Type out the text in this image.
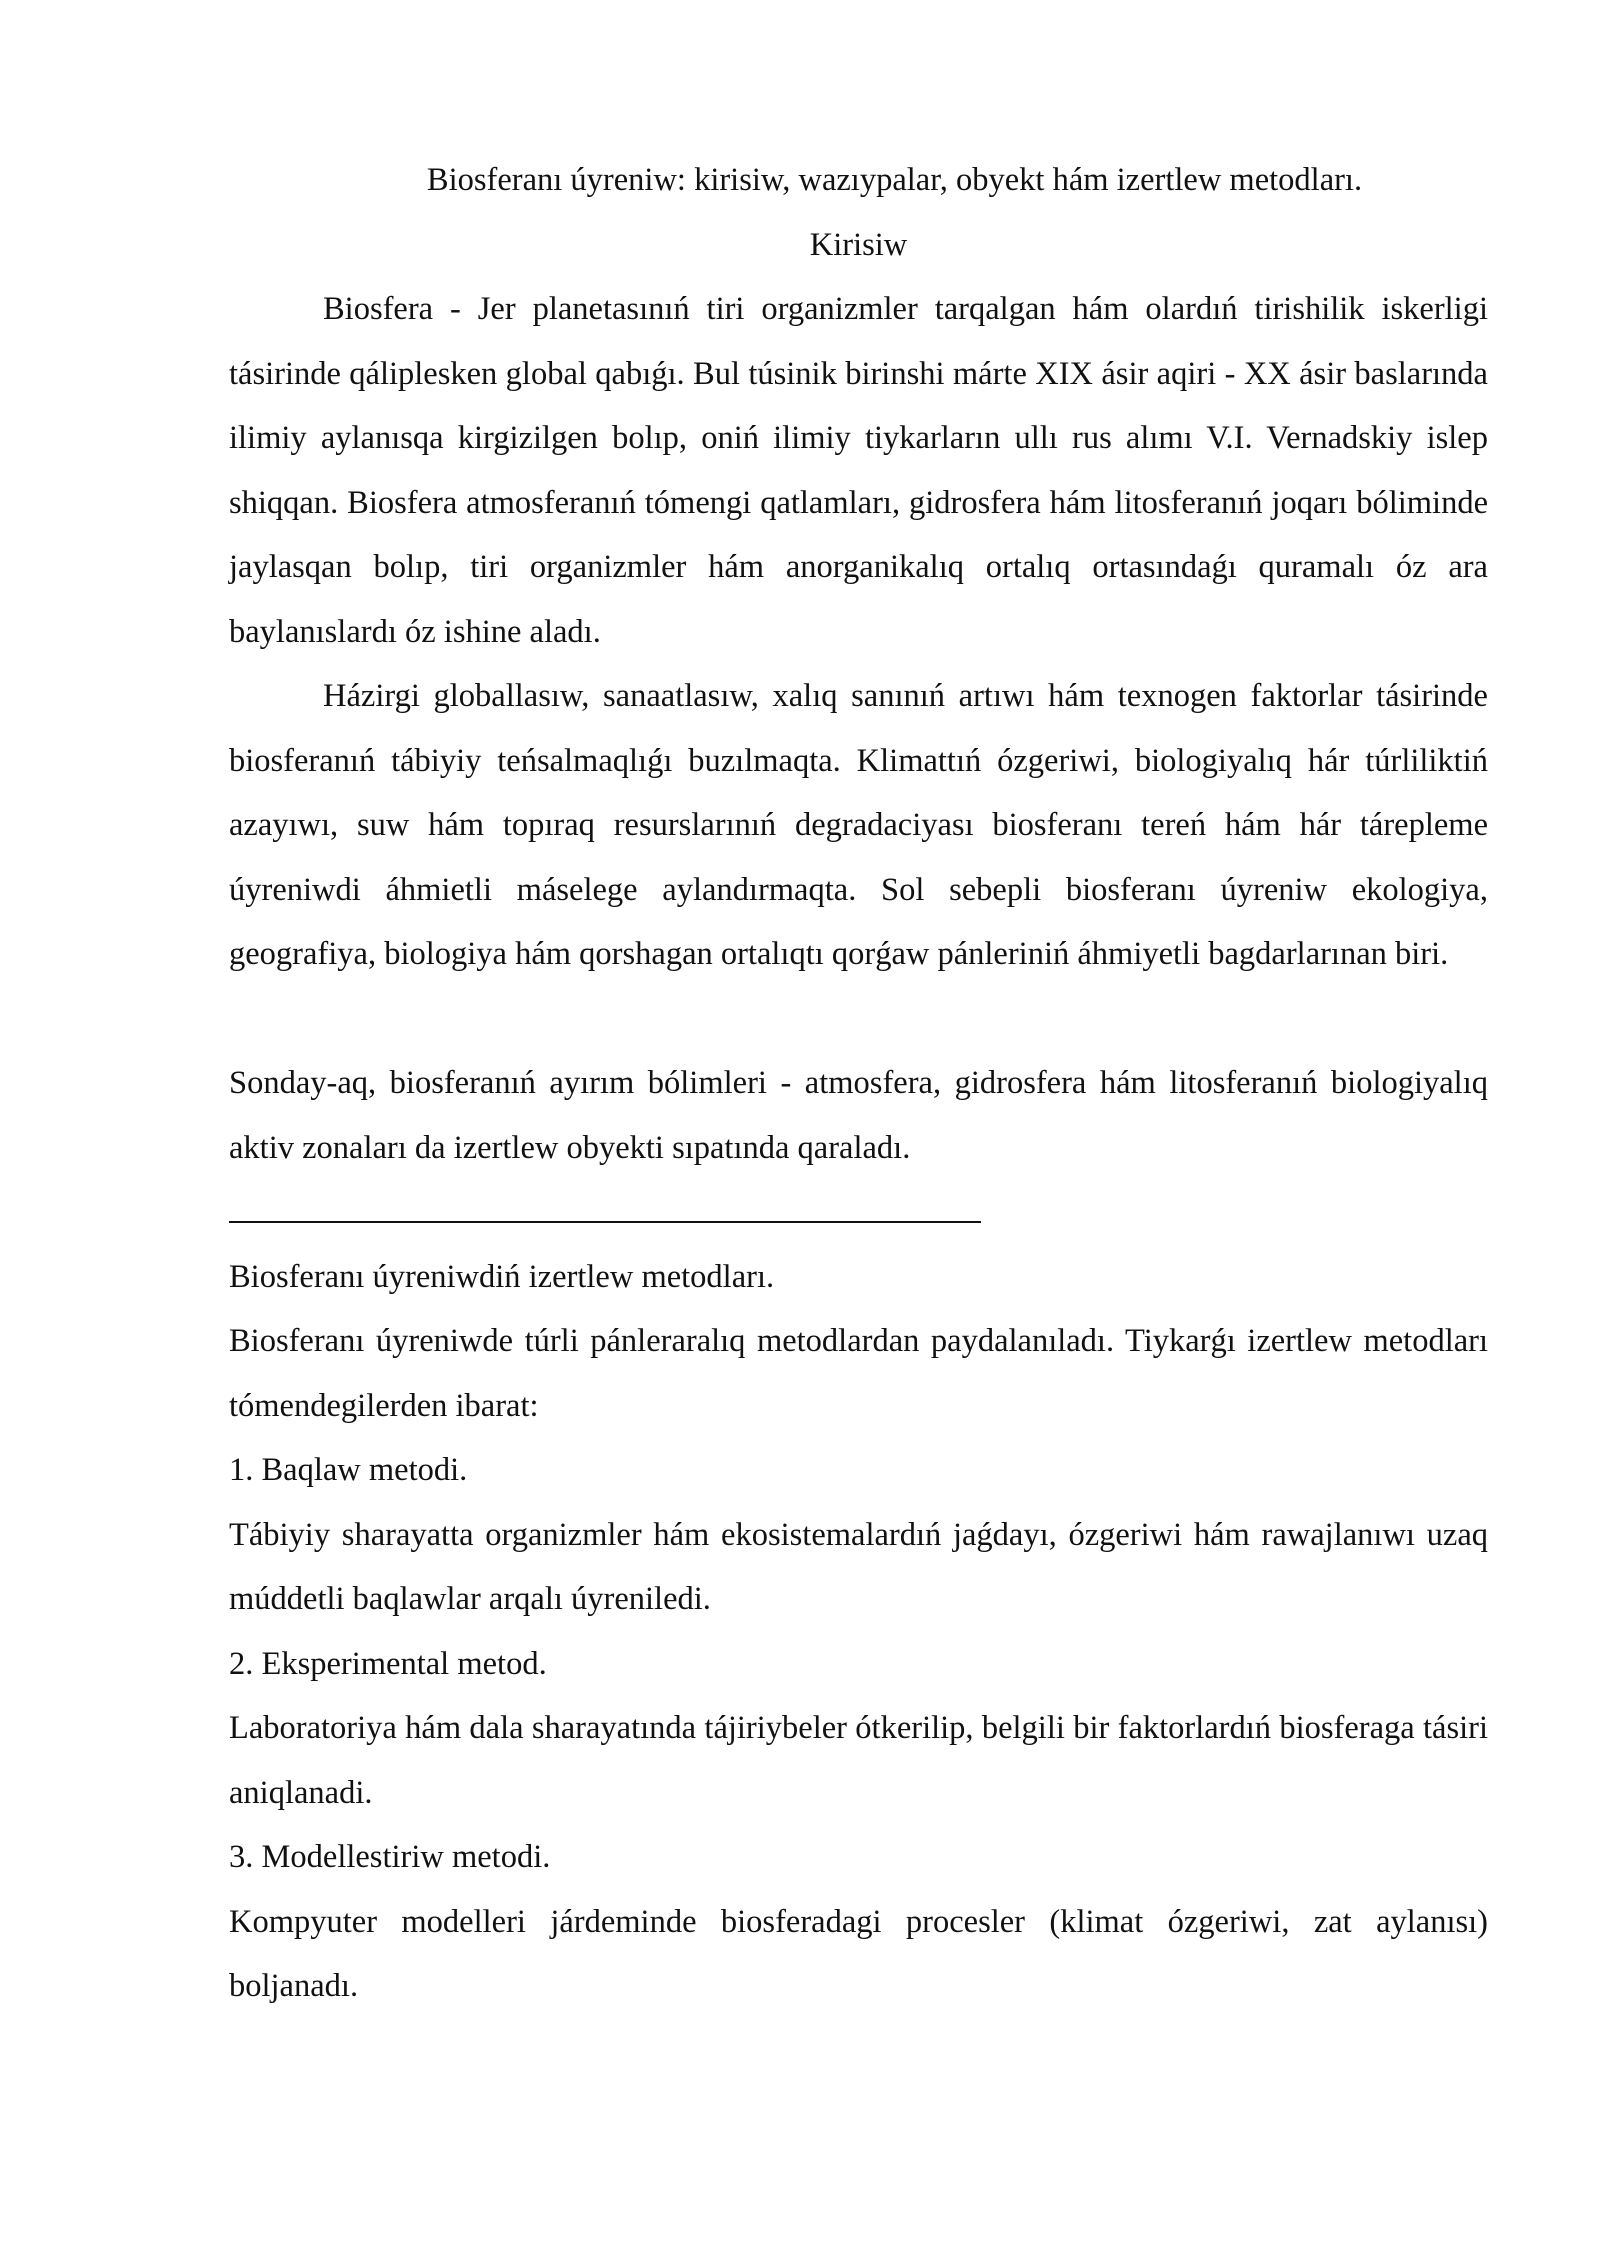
Biosferanı úyreniw: kirisiw, wazıypalar, obyekt hám izertlew metodları.

Kirisiw

Biosfera - Jer planetasınıń tiri organizmler tarqalgan hám olardıń tirishilik iskerligi tásirinde qáliplesken global qabıǵı. Bul túsinik birinshi márte XIX ásir aqiri - XX ásir baslarında ilimiy aylanısqa kirgizilgen bolıp, oniń ilimiy tiykarların ullı rus alımı V.I. Vernadskiy islep shiqqan. Biosfera atmosferanıń tómengi qatlamları, gidrosfera hám litosferanıń joqarı bóliminde jaylasqan bolıp, tiri organizmler hám anorganikalıq ortalıq ortasındaǵı quramalı óz ara baylanıslardı óz ishine aladı.

Házirgi globallasıw, sanaatlasıw, xalıq sanınıń artıwı hám texnogen faktorlar tásirinde biosferanıń tábiyiy teńsalmaqlıǵı buzılmaqta. Klimattıń ózgeriwi, biologiyalıq hár túrliliktiń azayıwı, suw hám topıraq resurslarınıń degradaciyası biosferanı tereń hám hár tárepleme úyreniwdi áhmietli máselege aylandırmaqta. Sol sebepli biosferanı úyreniw ekologiya, geografiya, biologiya hám qorshagan ortalıqtı qorǵaw pánleriniń áhmiyetli bagdarlarınan biri.

Sonday-aq, biosferanıń ayırım bólimleri - atmosfera, gidrosfera hám litosferanıń biologiyalıq aktiv zonaları da izertlew obyekti sıpatında qaraladı.

Biosferanı úyreniwdiń izertlew metodları.

Biosferanı úyreniwde túrli pánleraralıq metodlardan paydalanıladı. Tiykarǵı izertlew metodları tómendegilerden ibarat:

1. Baqlaw metodi.

Tábiyiy sharayatta organizmler hám ekosistemalardıń jaǵdayı, ózgeriwi hám rawajlanıwı uzaq múddetli baqlawlar arqalı úyreniledi.

2. Eksperimental metod.

Laboratoriya hám dala sharayatında tájiriybeler ótkerilip, belgili bir faktorlardıń biosferaga tásiri aniqlanadi.

3. Modellestiriw metodi.

Kompyuter modelleri járdeminde biosferadagi procesler (klimat ózgeriwi, zat aylanısı) boljanadı.
